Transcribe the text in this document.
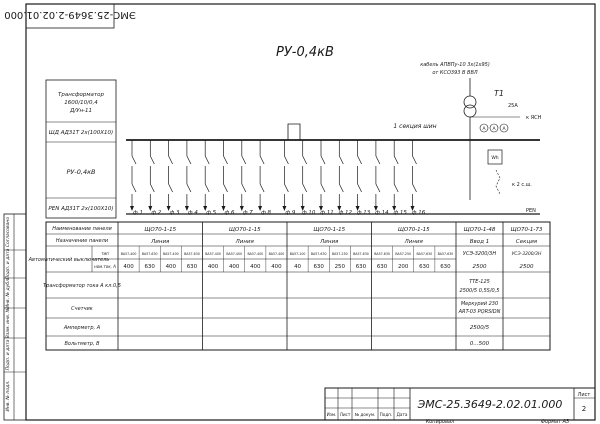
Инв. № подл.
Подп. и дата
Взам. инв. №
Инв. № дубл.
Подп. и дата
Согласовано
ЭМС-25.3649-2.02.01.000
РУ-0,4кВ
Трансформатор
1600/10/0,4
Д/Ун-11
ШД АД31Т 2х(100Х10)
РУ-0,4кВ
PEN АД31Т 2х(100Х10)
1 секция шин
ф.1 ф.2 ф.3 ф.4 ф.5 ф.6 ф.7 ф.8	ф.9 ф.10 ф.11 ф.12 ф.13 ф.14 ф.15 ф.16
кабель АПВПу-10 3х(1х95)
от КСО393 В ВВЛ
Т1
25А
к ЯСН
А A A
Wh
к 2 с.ш.
PEN
Наименование панели
Назначение панели
Автоматический выключатель
Трансформатор тока А кл.0,5
Счетчик
Амперметр, А
Вольтметр, В
тип
ном.ток, А
ЩО70-1-15
Линия
ЩО70-1-15
Линия
ЩО70-1-15
Линия
ЩО70-1-15
Линия
ЩО70-1-48
Ввод 1
ЩО70-1-73
Секция
ВА57-400
400
ВА57-630
630
ВА57-400
400
ВА57-630
630
ВА57-400
400
ВА57-400
400
ВА57-400
400
ВА57-400
400
ВА57-100
40
ВА57-630
630
ВА57-250
250
ВА57-630
630
ВА57-630
630
ВА57-250
200
ВА57-630
630
ВА57-630
630
УСЭ-3200/3Н
2500
УСЭ-3200/3Н
2500
ТТЕ-125
2500/5 0,5S/0,5
Меркурий 230
ART-03 PQRSIDN
2500/5
0...500
Изм. Лист № докум. Подп. Дата
ЭМС-25.3649-2.02.01.000
Лист
2
Копировал	Формат А3
